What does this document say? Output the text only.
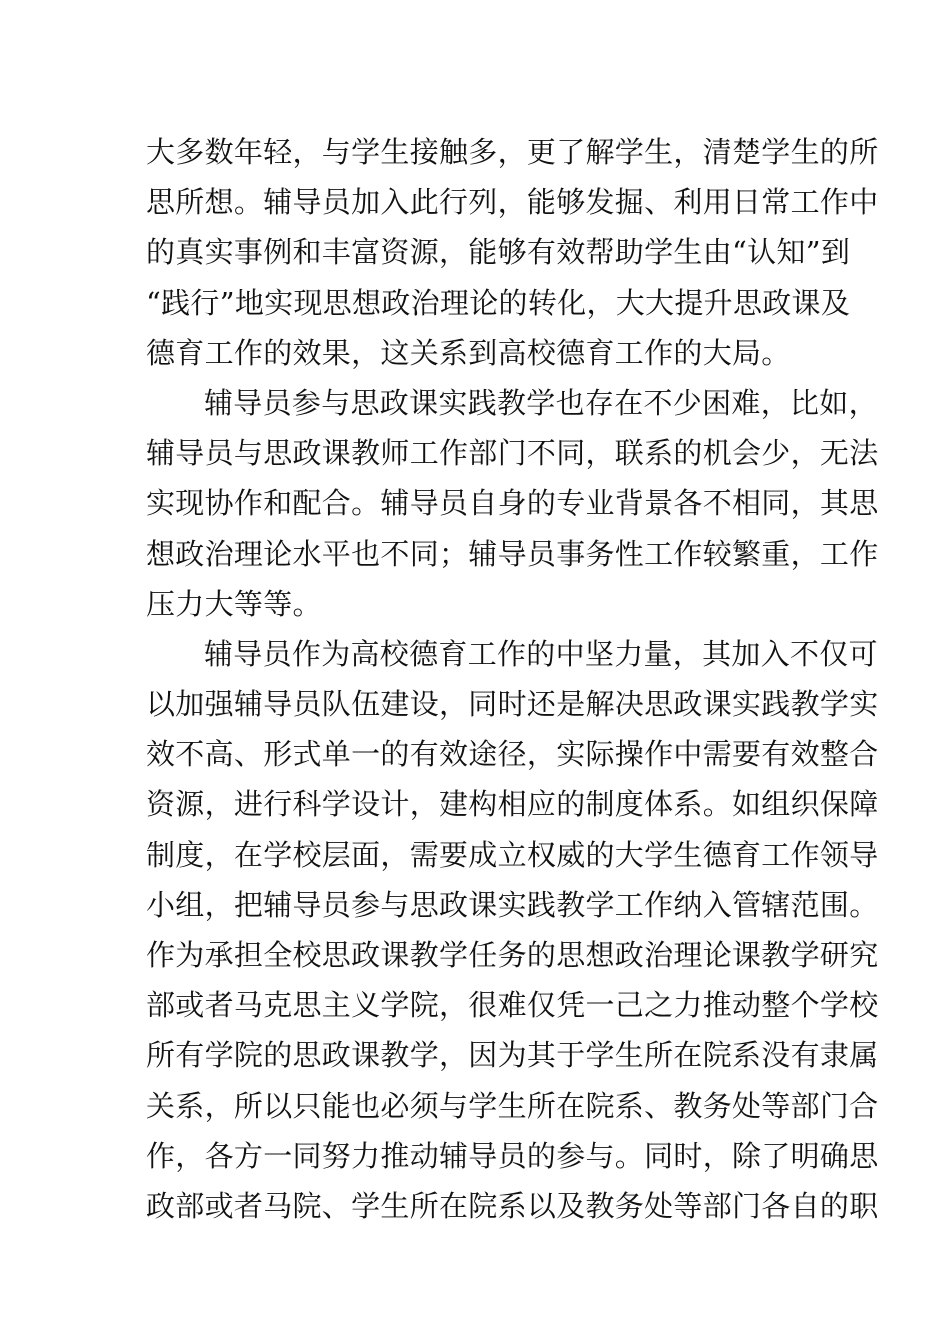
大多数年轻，与学生接触多，更了解学生，清楚学生的所
思所想。辅导员加入此行列，能够发掘、利用日常工作中
的真实事例和丰富资源，能够有效帮助学生由“认知”到
“践行”地实现思想政治理论的转化，大大提升思政课及
德育工作的效果，这关系到高校德育工作的大局。
辅导员参与思政课实践教学也存在不少困难，比如，
辅导员与思政课教师工作部门不同，联系的机会少，无法
实现协作和配合。辅导员自身的专业背景各不相同，其思
想政治理论水平也不同；辅导员事务性工作较繁重，工作
压力大等等。
辅导员作为高校德育工作的中坚力量，其加入不仅可
以加强辅导员队伍建设，同时还是解决思政课实践教学实
效不高、形式单一的有效途径，实际操作中需要有效整合
资源，进行科学设计，建构相应的制度体系。如组织保障
制度，在学校层面，需要成立权威的大学生德育工作领导
小组，把辅导员参与思政课实践教学工作纳入管辖范围。
作为承担全校思政课教学任务的思想政治理论课教学研究
部或者马克思主义学院，很难仅凭一己之力推动整个学校
所有学院的思政课教学，因为其于学生所在院系没有隶属
关系，所以只能也必须与学生所在院系、教务处等部门合
作，各方一同努力推动辅导员的参与。同时，除了明确思
政部或者马院、学生所在院系以及教务处等部门各自的职
